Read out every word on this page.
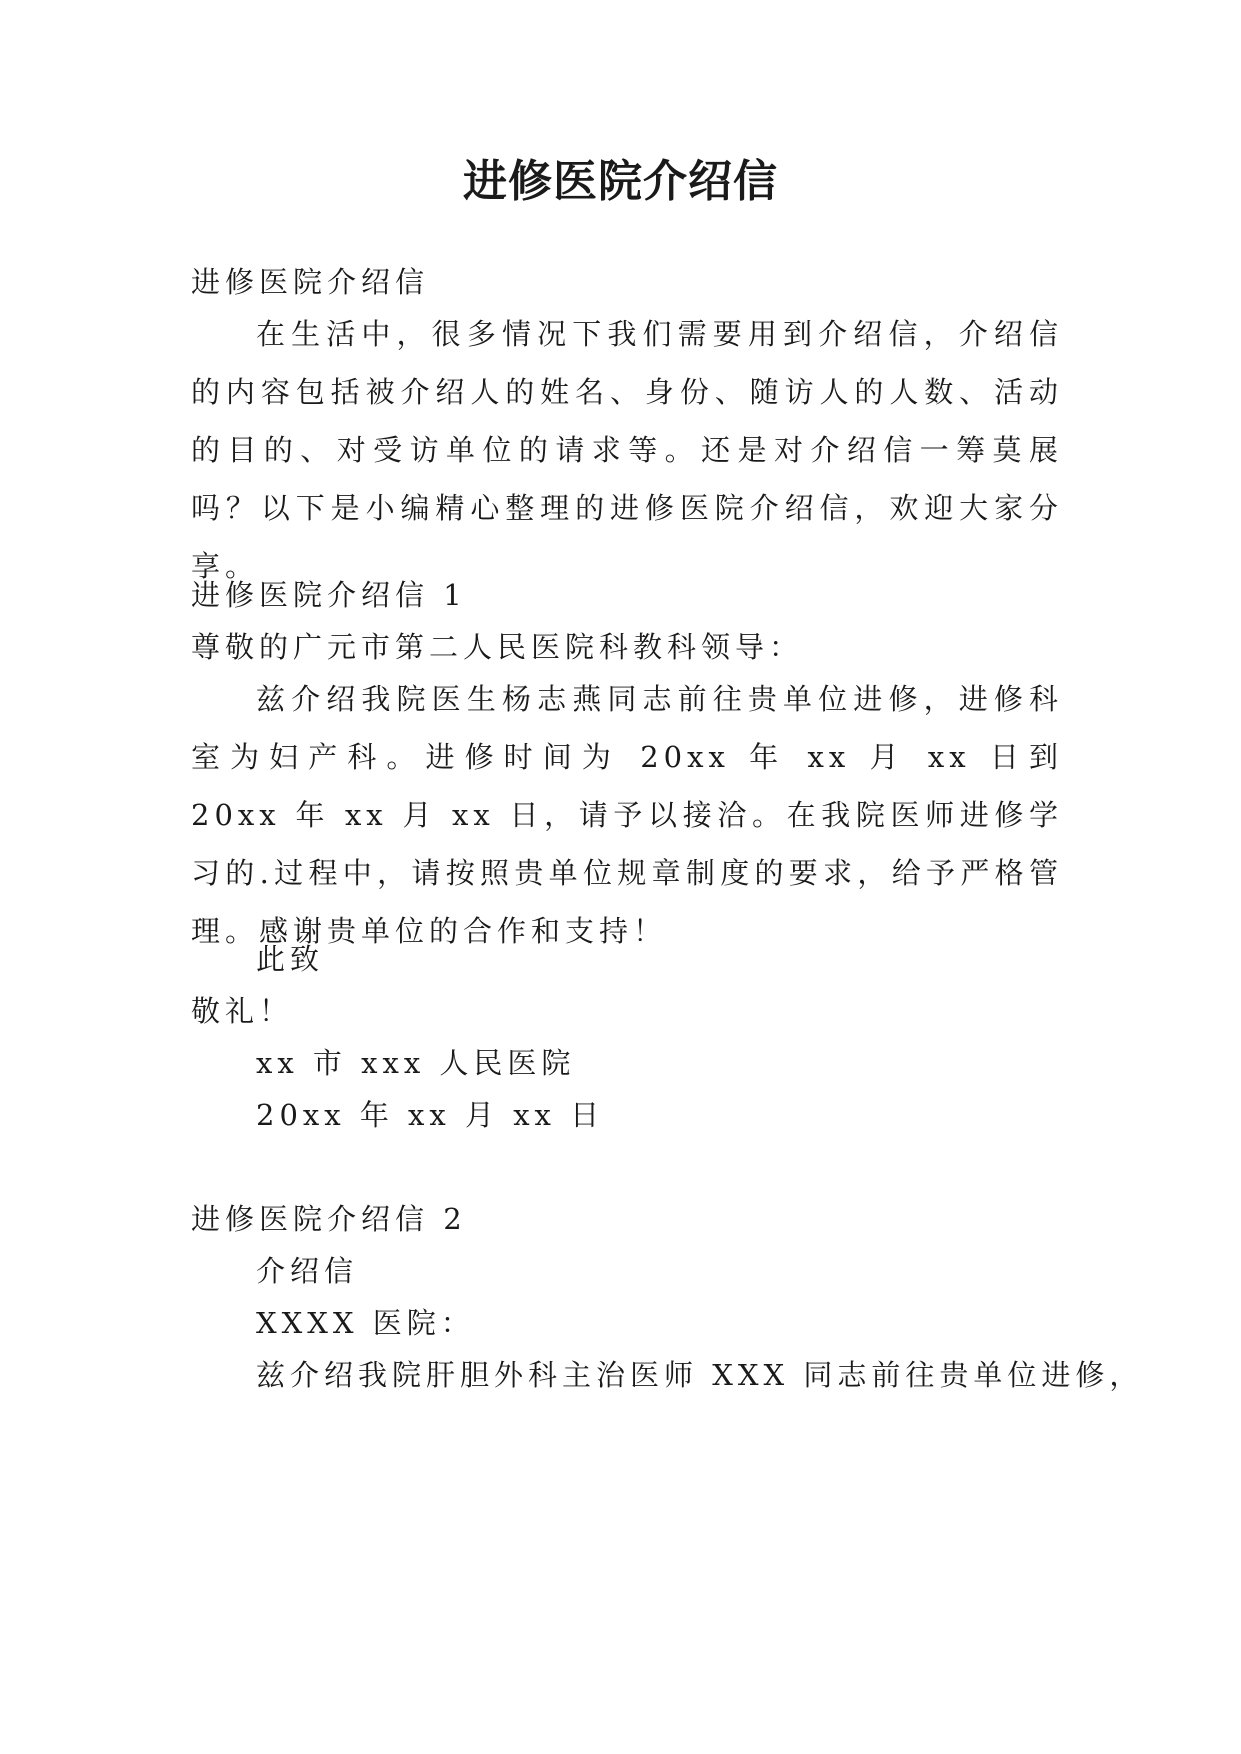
进修医院介绍信
进修医院介绍信
在生活中，很多情况下我们需要用到介绍信，介绍信的内容包括被介绍人的姓名、身份、随访人的人数、活动的目的、对受访单位的请求等。还是对介绍信一筹莫展吗？以下是小编精心整理的进修医院介绍信，欢迎大家分享。
进修医院介绍信 1
尊敬的广元市第二人民医院科教科领导：
兹介绍我院医生杨志燕同志前往贵单位进修，进修科室为妇产科。进修时间为 20xx 年 xx 月 xx 日到 20xx 年 xx 月 xx 日，请予以接洽。在我院医师进修学习的.过程中，请按照贵单位规章制度的要求，给予严格管理。感谢贵单位的合作和支持！
此致
敬礼！
xx 市 xxx 人民医院
20xx 年 xx 月 xx 日
进修医院介绍信 2
介绍信
XXXX 医院：
兹介绍我院肝胆外科主治医师 XXX 同志前往贵单位进修，
